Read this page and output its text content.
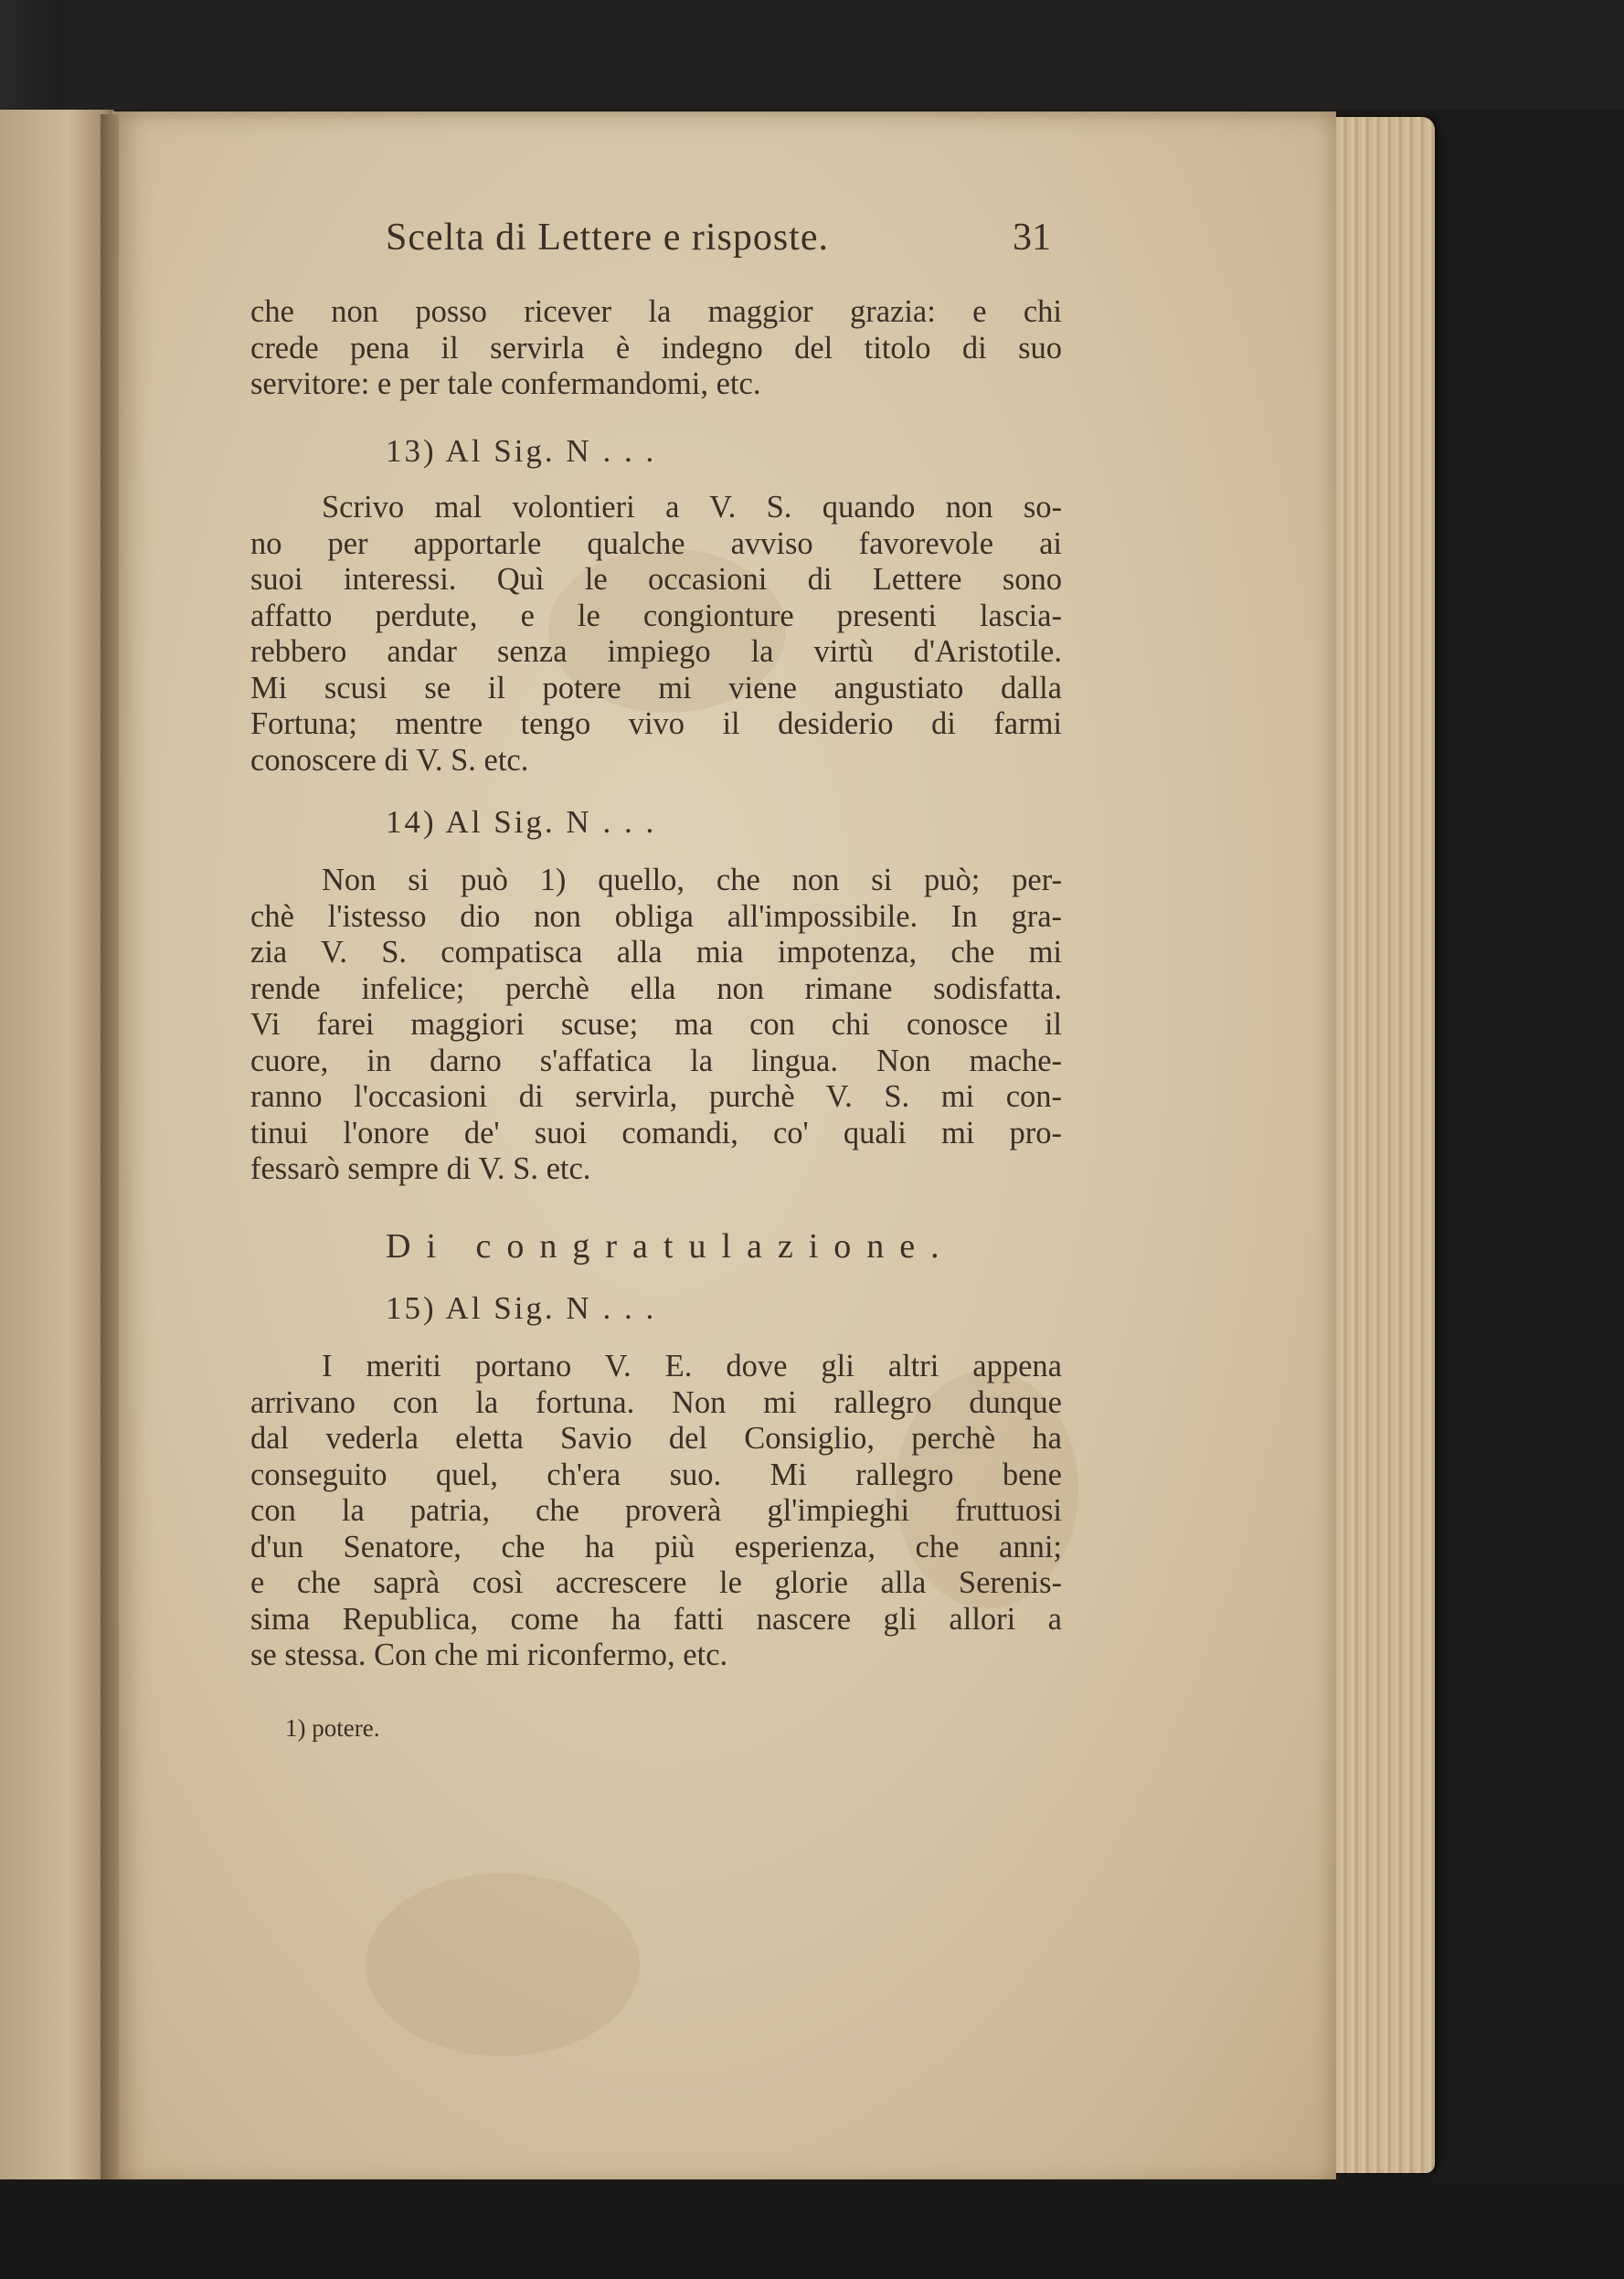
Scelta di Lettere e risposte.	31
che non posso ricever la maggior grazia: e chi
crede pena il servirla è indegno del titolo di suo
servitore: e per tale confermandomi, etc.
13) Al Sig. N . . .
Scrivo mal volontieri a V. S. quando non so-
no per apportarle qualche avviso favorevole ai
suoi interessi. Quì le occasioni di Lettere sono
affatto perdute, e le congionture presenti lascia-
rebbero andar senza impiego la virtù d'Aristotile.
Mi scusi se il potere mi viene angustiato dalla
Fortuna; mentre tengo vivo il desiderio di farmi
conoscere di V. S. etc.
14) Al Sig. N . . .
Non si può 1) quello, che non si può; per-
chè l'istesso dio non obliga all'impossibile. In gra-
zia V. S. compatisca alla mia impotenza, che mi
rende infelice; perchè ella non rimane sodisfatta.
Vi farei maggiori scuse; ma con chi conosce il
cuore, in darno s'affatica la lingua. Non mache-
ranno l'occasioni di servirla, purchè V. S. mi con-
tinui l'onore de' suoi comandi, co' quali mi pro-
fessarò sempre di V. S. etc.
Di congratulazione.
15) Al Sig. N . . .
I meriti portano V. E. dove gli altri appena
arrivano con la fortuna. Non mi rallegro dunque
dal vederla eletta Savio del Consiglio, perchè ha
conseguito quel, ch'era suo. Mi rallegro bene
con la patria, che proverà gl'impieghi fruttuosi
d'un Senatore, che ha più esperienza, che anni;
e che saprà così accrescere le glorie alla Serenis-
sima Republica, come ha fatti nascere gli allori a
se stessa. Con che mi riconfermo, etc.
1) potere.
